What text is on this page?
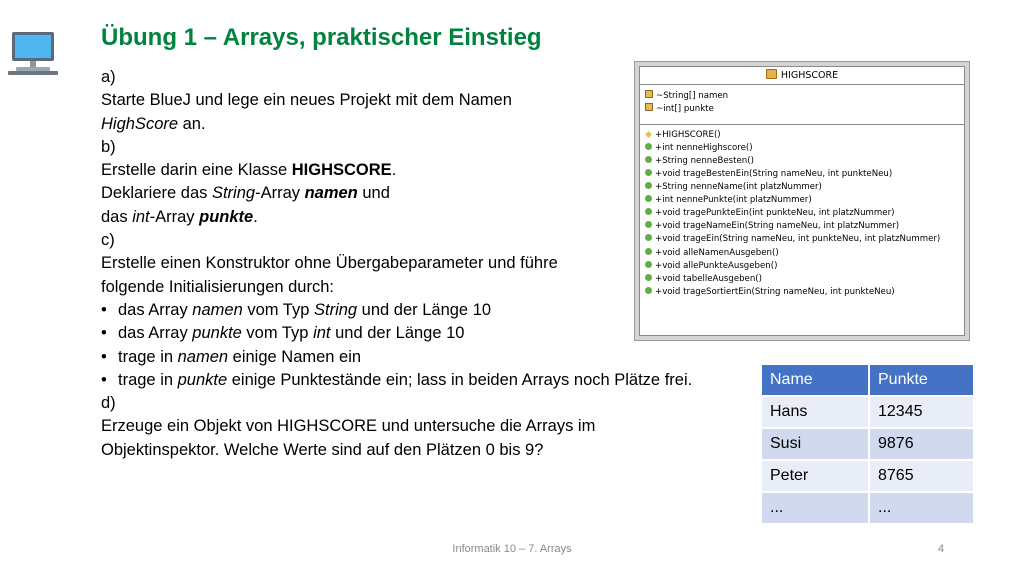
Übung 1 – Arrays, praktischer Einstieg
a)
Starte BlueJ und lege ein neues Projekt mit dem Namen
HighScore an.
b)
Erstelle darin eine Klasse HIGHSCORE.
Deklariere das String-Array namen und
das int-Array punkte.
c)
Erstelle einen Konstruktor ohne Übergabeparameter und führe
folgende Initialisierungen durch:
• das Array namen vom Typ String und der Länge 10
• das Array punkte vom Typ int und der Länge 10
• trage in namen einige Namen ein
• trage in punkte einige Punktestände ein; lass in beiden Arrays noch Plätze frei.
d)
Erzeuge ein Objekt von HIGHSCORE und untersuche die Arrays im
Objektinspektor. Welche Werte sind auf den Plätzen 0 bis 9?
HIGHSCORE
~String[] namen
~int[] punkte
+HIGHSCORE()
+int nenneHighscore()
+String nenneBesten()
+void trageBestenEin(String nameNeu, int punkteNeu)
+String nenneName(int platzNummer)
+int nennePunkte(int platzNummer)
+void tragePunkteEin(int punkteNeu, int platzNummer)
+void trageNameEin(String nameNeu, int platzNummer)
+void trageEin(String nameNeu, int punkteNeu, int platzNummer)
+void alleNamenAusgeben()
+void allePunkteAusgeben()
+void tabelleAusgeben()
+void trageSortiertEin(String nameNeu, int punkteNeu)
Name	Punkte
Hans	12345
Susi	9876
Peter	8765
...	...
Informatik 10 – 7. Arrays	4
